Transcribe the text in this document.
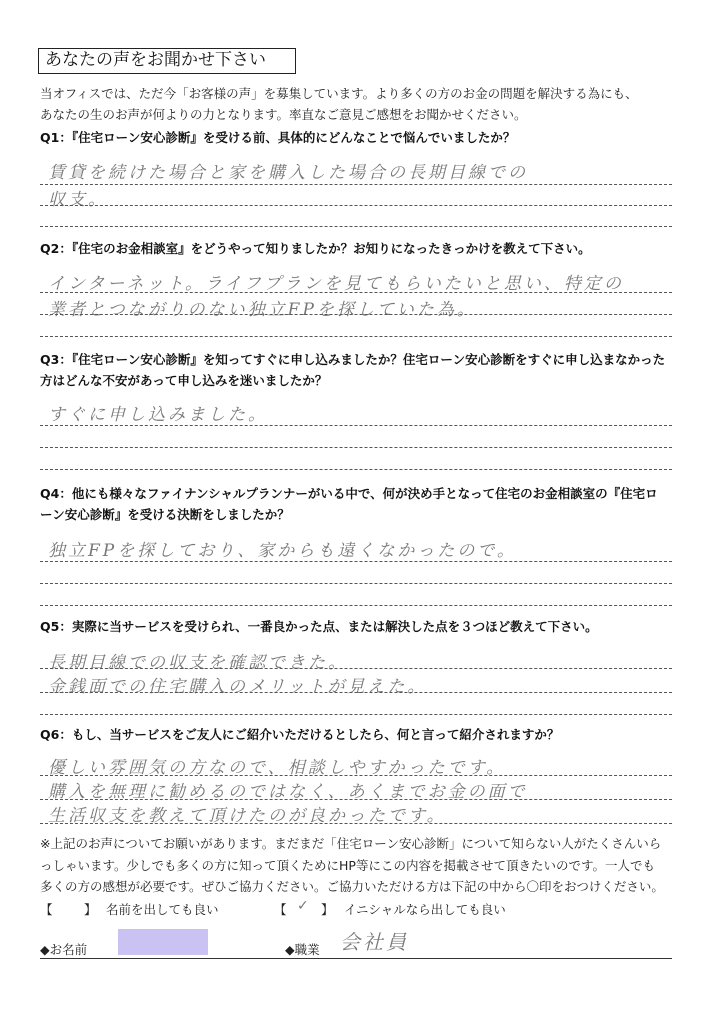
あなたの声をお聞かせ下さい
当オフィスでは、ただ今「お客様の声」を募集しています。より多くの方のお金の問題を解決する為にも、
あなたの生のお声が何よりの力となります。率直なご意見ご感想をお聞かせください。
Q1：『住宅ローン安心診断』を受ける前、具体的にどんなことで悩んでいましたか？
賃貸を続けた場合と家を購入した場合の長期目線での
収支。
Q2：『住宅のお金相談室』をどうやって知りましたか？お知りになったきっかけを教えて下さい。
インターネット。ライフプランを見てもらいたいと思い、特定の
業者とつながりのない独立FPを探していた為。
Q3：『住宅ローン安心診断』を知ってすぐに申し込みましたか？住宅ローン安心診断をすぐに申し込まなかった
方はどんな不安があって申し込みを迷いましたか？
すぐに申し込みました。
Q4：他にも様々なファイナンシャルプランナーがいる中で、何が決め手となって住宅のお金相談室の『住宅ロ
ーン安心診断』を受ける決断をしましたか？
独立FPを探しており、家からも遠くなかったので。
Q5：実際に当サービスを受けられ、一番良かった点、または解決した点を３つほど教えて下さい。
長期目線での収支を確認できた。
金銭面での住宅購入のメリットが見えた。
Q6：もし、当サービスをご友人にご紹介いただけるとしたら、何と言って紹介されますか？
優しい雰囲気の方なので、相談しやすかったです。
購入を無理に勧めるのではなく、あくまでお金の面で
生活収支を教えて頂けたのが良かったです。
※上記のお声についてお願いがあります。まだまだ「住宅ローン安心診断」について知らない人がたくさんいら
っしゃいます。少しでも多くの方に知って頂くためにHP等にこの内容を掲載させて頂きたいのです。一人でも
多くの方の感想が必要です。ぜひご協力ください。ご協力いただける方は下記の中から〇印をおつけください。
【	】 名前を出しても良い	【 ✓ 】 イニシャルなら出しても良い
◆お名前	◆職業 会社員
